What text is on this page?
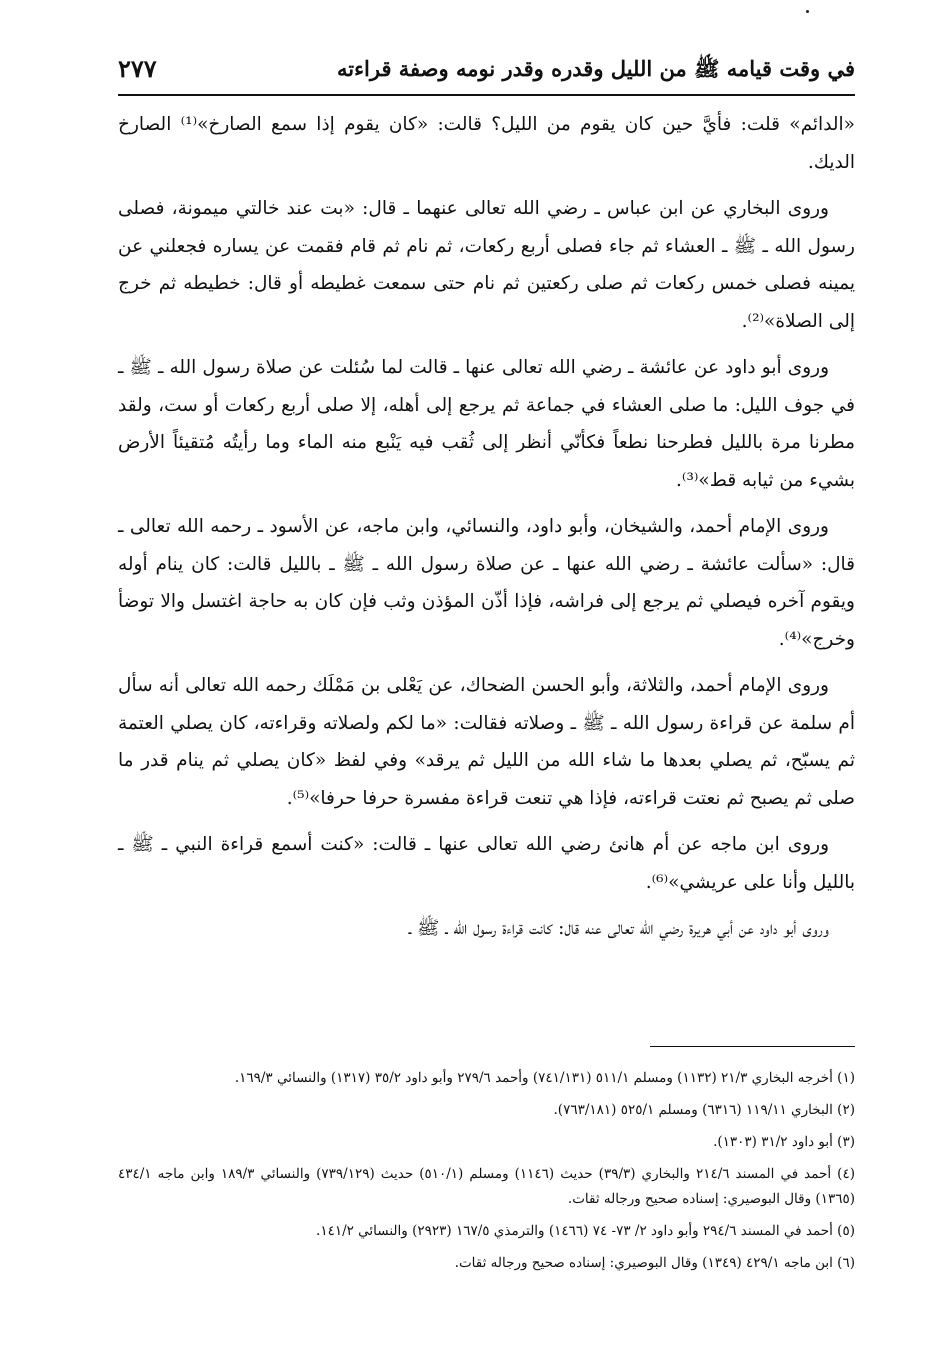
في وقت قيامه ﷺ من الليل وقدره وقدر نومه وصفة قراءته
٢٧٧

«الدائم» قلت: فأيَّ حين كان يقوم من الليل؟ قالت: «كان يقوم إذا سمع الصارخ»⁽¹⁾ الصارخ الديك.

وروى البخاري عن ابن عباس ـ رضي الله تعالى عنهما ـ قال: «بت عند خالتي ميمونة، فصلى رسول الله ـ ﷺ ـ العشاء ثم جاء فصلى أربع ركعات، ثم نام ثم قام فقمت عن يساره فجعلني عن يمينه فصلى خمس ركعات ثم صلى ركعتين ثم نام حتى سمعت غطيطه أو قال: خطيطه ثم خرج إلى الصلاة»⁽²⁾.

وروى أبو داود عن عائشة ـ رضي الله تعالى عنها ـ قالت لما سُئلت عن صلاة رسول الله ـ ﷺ ـ في جوف الليل: ما صلى العشاء في جماعة ثم يرجع إلى أهله، إلا صلى أربع ركعات أو ست، ولقد مطرنا مرة بالليل فطرحنا نطعاً فكأنّي أنظر إلى ثُقب فيه يَنْبع منه الماء وما رأيتُه مُتقيئاً الأرض بشيء من ثيابه قط»⁽³⁾.

وروى الإمام أحمد، والشيخان، وأبو داود، والنسائي، وابن ماجه، عن الأسود ـ رحمه الله تعالى ـ قال: «سألت عائشة ـ رضي الله عنها ـ عن صلاة رسول الله ـ ﷺ ـ بالليل قالت: كان ينام أوله ويقوم آخره فيصلي ثم يرجع إلى فراشه، فإذا أذّن المؤذن وثب فإن كان به حاجة اغتسل والا توضأ وخرج»⁽⁴⁾.

وروى الإمام أحمد، والثلاثة، وأبو الحسن الضحاك، عن يَعْلى بن مَمْلَك رحمه الله تعالى أنه سأل أم سلمة عن قراءة رسول الله ـ ﷺ ـ وصلاته فقالت: «ما لكم ولصلاته وقراءته، كان يصلي العتمة ثم يسبّح، ثم يصلي بعدها ما شاء الله من الليل ثم يرقد» وفي لفظ «كان يصلي ثم ينام قدر ما صلى ثم يصبح ثم نعتت قراءته، فإذا هي تنعت قراءة مفسرة حرفا حرفا»⁽⁵⁾.

وروى ابن ماجه عن أم هانئ رضي الله تعالى عنها ـ قالت: «كنت أسمع قراءة النبي ـ ﷺ ـ بالليل وأنا على عريشي»⁽⁶⁾.

وروى أبو داود عن أبي هريرة رضي الله تعالى عنه قال: كانت قراءة رسول الله ـ ﷺ ـ

(١) أخرجه البخاري ٢١/٣ (١١٣٢) ومسلم ٥١١/١ (٧٤١/١٣١) وأحمد ٢٧٩/٦ وأبو داود ٣٥/٢ (١٣١٧) والنسائي ١٦٩/٣.

(٢) البخاري ١١٩/١١ (٦٣١٦) ومسلم ٥٢٥/١ (٧٦٣/١٨١).

(٣) أبو داود ٣١/٢ (١٣٠٣).

(٤) أحمد في المسند ٢١٤/٦ والبخاري (٣٩/٣) حديث (١١٤٦) ومسلم (٥١٠/١) حديث (٧٣٩/١٢٩) والنسائي ١٨٩/٣ وابن ماجه ٤٣٤/١ (١٣٦٥) وقال البوصيري: إسناده صحيح ورجاله ثقات.

(٥) أحمد في المسند ٢٩٤/٦ وأبو داود ٢/ ٧٣- ٧٤ (١٤٦٦) والترمذي ١٦٧/٥ (٢٩٢٣) والنسائي ١٤١/٢.

(٦) ابن ماجه ٤٢٩/١ (١٣٤٩) وقال البوصيري: إسناده صحيح ورجاله ثقات.
